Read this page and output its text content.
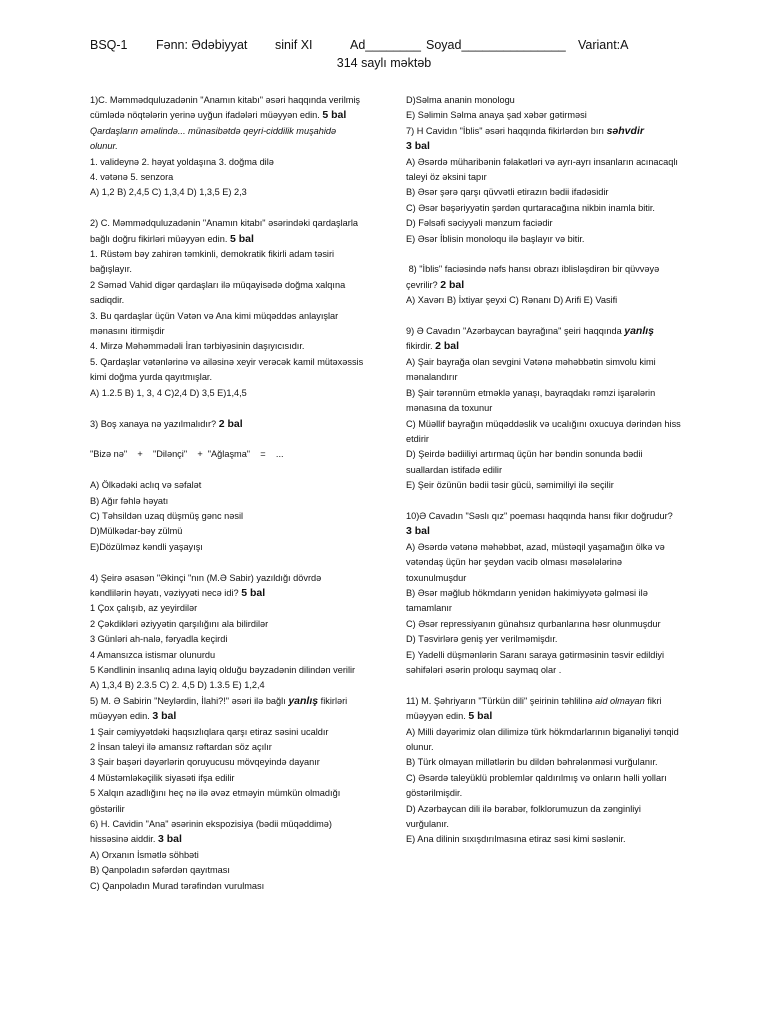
BSQ-1 Fənn: Ədəbiyyat sinif XI	Ad________ Soyad_______________ Variant:A
314 saylı məktəb

1)C. Məmmədquluzadənin "Anamın kitabı" əsəri haqqında verilmiş cümlədə nöqtələrin yerinə uyğun ifadələri müəyyən edin. 5 bal

Qardaşların əməlində... münasibətdə qeyri-ciddilik muşahidə olunur.

1. valideynə 2. həyat yoldaşına 3. doğma dilə

4. vətənə 5. senzora

A) 1,2 B) 2,4,5 C) 1,3,4 D) 1,3,5 E) 2,3

2) C. Məmmədquluzadənin "Anamın kitabı" əsərindəki qardaşlarla bağlı doğru fikirləri müəyyən edin. 5 bal

1. Rüstəm bəy zahirən təmkinli, demokratik fikirli adam təsiri bağışlayır.

2 Səməd Vahid digər qardaşları ilə müqayisədə doğma xalqına sadiqdir.

3. Bu qardaşlar üçün Vətən və Ana kimi müqəddəs anlayışlar mənasını itirmişdir

4. Mirzə Məhəmmədəli İran tərbiyəsinin daşıyıcısıdır.

5. Qardaşlar vətənlərinə və ailəsinə xeyir verəcək kamil mütəxəssis kimi doğma yurda qayıtmışlar.

A) 1.2.5 B) 1, 3, 4 C)2,4 D) 3,5 E)1,4,5

3) Boş xanaya nə yazılmalıdır? 2 bal

"Bizə nə" + "Dilənçi" + "Ağlaşma" = ...

A) Ölkədəki aclıq və səfalət

B) Ağır fəhlə həyatı

C) Təhsildən uzaq düşmüş gənc nəsil

D)Mülkədar-bəy zülmü

E)Dözülməz kəndli yaşayışı

4) Şeirə əsasən "Əkinçi "nın (M.Ə Sabir) yazıldığı dövrdə kəndlilərin həyatı, vəziyyəti necə idi? 5 bal

1 Çox çalışıb, az yeyirdilər

2 Çəkdikləri əziyyətin qarşılığını ala bilirdilər

3 Günləri ah-nalə, fəryadla keçirdi

4 Amansızca istismar olunurdu

5 Kəndlinin insanlıq adına layiq olduğu bəyzadənin dilindən verilir

A) 1,3,4 B) 2.3.5 C) 2. 4,5 D) 1.3.5 E) 1,2,4

5) M. Ə Sabirin "Neylərdin, İlahi?!" əsəri ilə bağlı yanlış fikirləri müəyyən edin. 3 bal

1 Şair cəmiyyətdəki haqsızlıqlara qarşı etiraz səsini ucaldır

2 İnsan taleyi ilə amansız rəftardan söz açılır

3 Şair başəri dəyərlərin qoruyucusu mövqeyində dayanır

4 Müstəmləkəçilik siyasəti ifşa edilir

5 Xalqın azadlığını heç nə ilə əvəz etməyin mümkün olmadığı göstərilir

6) H. Cavidin "Ana" əsərinin ekspozisiya (bədii müqəddimə) hissəsinə aiddir. 3 bal

A) Orxanın İsmətlə söhbəti

B) Qanpoladın səfərdən qayıtması

C) Qanpoladın Murad tərəfindən vurulması

D)Səlma ananin monologu

E) Səlimin Səlma anaya şad xəbər gətirməsi

7) H Cavidın "İblis" əsəri haqqında fikirlərdən bırı səhvdir
3 bal

A) Əsərdə müharibənin fəlakətləri və ayrı-ayrı insanların acınacaqlı taleyi öz əksini tapır

B) Əsər şərə qarşı qüvvətli etirazın bədii ifadəsidir

C) Əsər bəşəriyyətin şərdən qurtaracağına nikbin inamla bitir.

D) Fəlsəfi səciyyəli mənzum faciədir

E) Əsər İblisin monoloqu ilə başlayır və bitir.

8) "İblis" faciəsində nəfs hansı obrazı iblisləşdirən bir qüvvəyə çevrilir? 2 bal

A) Xavərı B) İxtiyar şeyxi C) Rənanı D) Arifi E) Vasifi

9) Ə Cavadın "Azərbaycan bayrağına" şeiri haqqında yanlış fikirdir. 2 bal

A) Şair bayrağa olan sevgini Vətənə məhəbbətin simvolu kimi mənalandırır

B) Şair tərənnüm etməklə yanaşı, bayraqdakı rəmzi işarələrin mənasına da toxunur

C) Müəllif bayrağın müqəddəslik və ucalığını oxucuya dərindən hiss etdirir

D) Şeirdə bədiiliyi artırmaq üçün hər bəndin sonunda bədii suallardan istifadə edilir

E) Şeir özünün bədii təsir gücü, səmimiliyi ilə seçilir

10)Ə Cavadın "Səslı qız" poeması haqqında hansı fikır doğrudur? 3 bal

A) Əsərdə vətənə məhəbbət, azad, müstəqil yaşamağın ölkə və vətəndaş üçün hər şeydən vacib olması məsələlərinə toxunulmuşdur

B) Əsər məğlub hökmdarın yenidən hakimiyyətə gəlməsi ilə tamamlanır

C) Əsər repressiyanın günahsız qurbanlarına həsr olunmuşdur

D) Təsvirlərə geniş yer verilməmişdır.

E) Yadelli düşmənlərin Saranı saraya gətirməsinin təsvir edildiyi səhifələri əsərin proloqu saymaq olar .

11) M. Şəhriyarın "Türkün dili" şeirinin təhlilinə aid olmayan fikri müəyyən edin. 5 bal

A) Milli dəyərimiz olan dilimizə türk hökmdarlarının biganəliyi tənqid olunur.

B) Türk olmayan millətlərin bu dildən bəhrələnməsi vurğulanır.

C) Əsərdə taleyüklü problemlər qaldırılmış və onların həlli yolları göstərilmişdir.

D) Azərbaycan dili ilə bərabər, folklorumuzun da zənginliyi vurğulanır.

E) Ana dilinin sıxışdırılmasına etiraz səsi kimi səslənir.
